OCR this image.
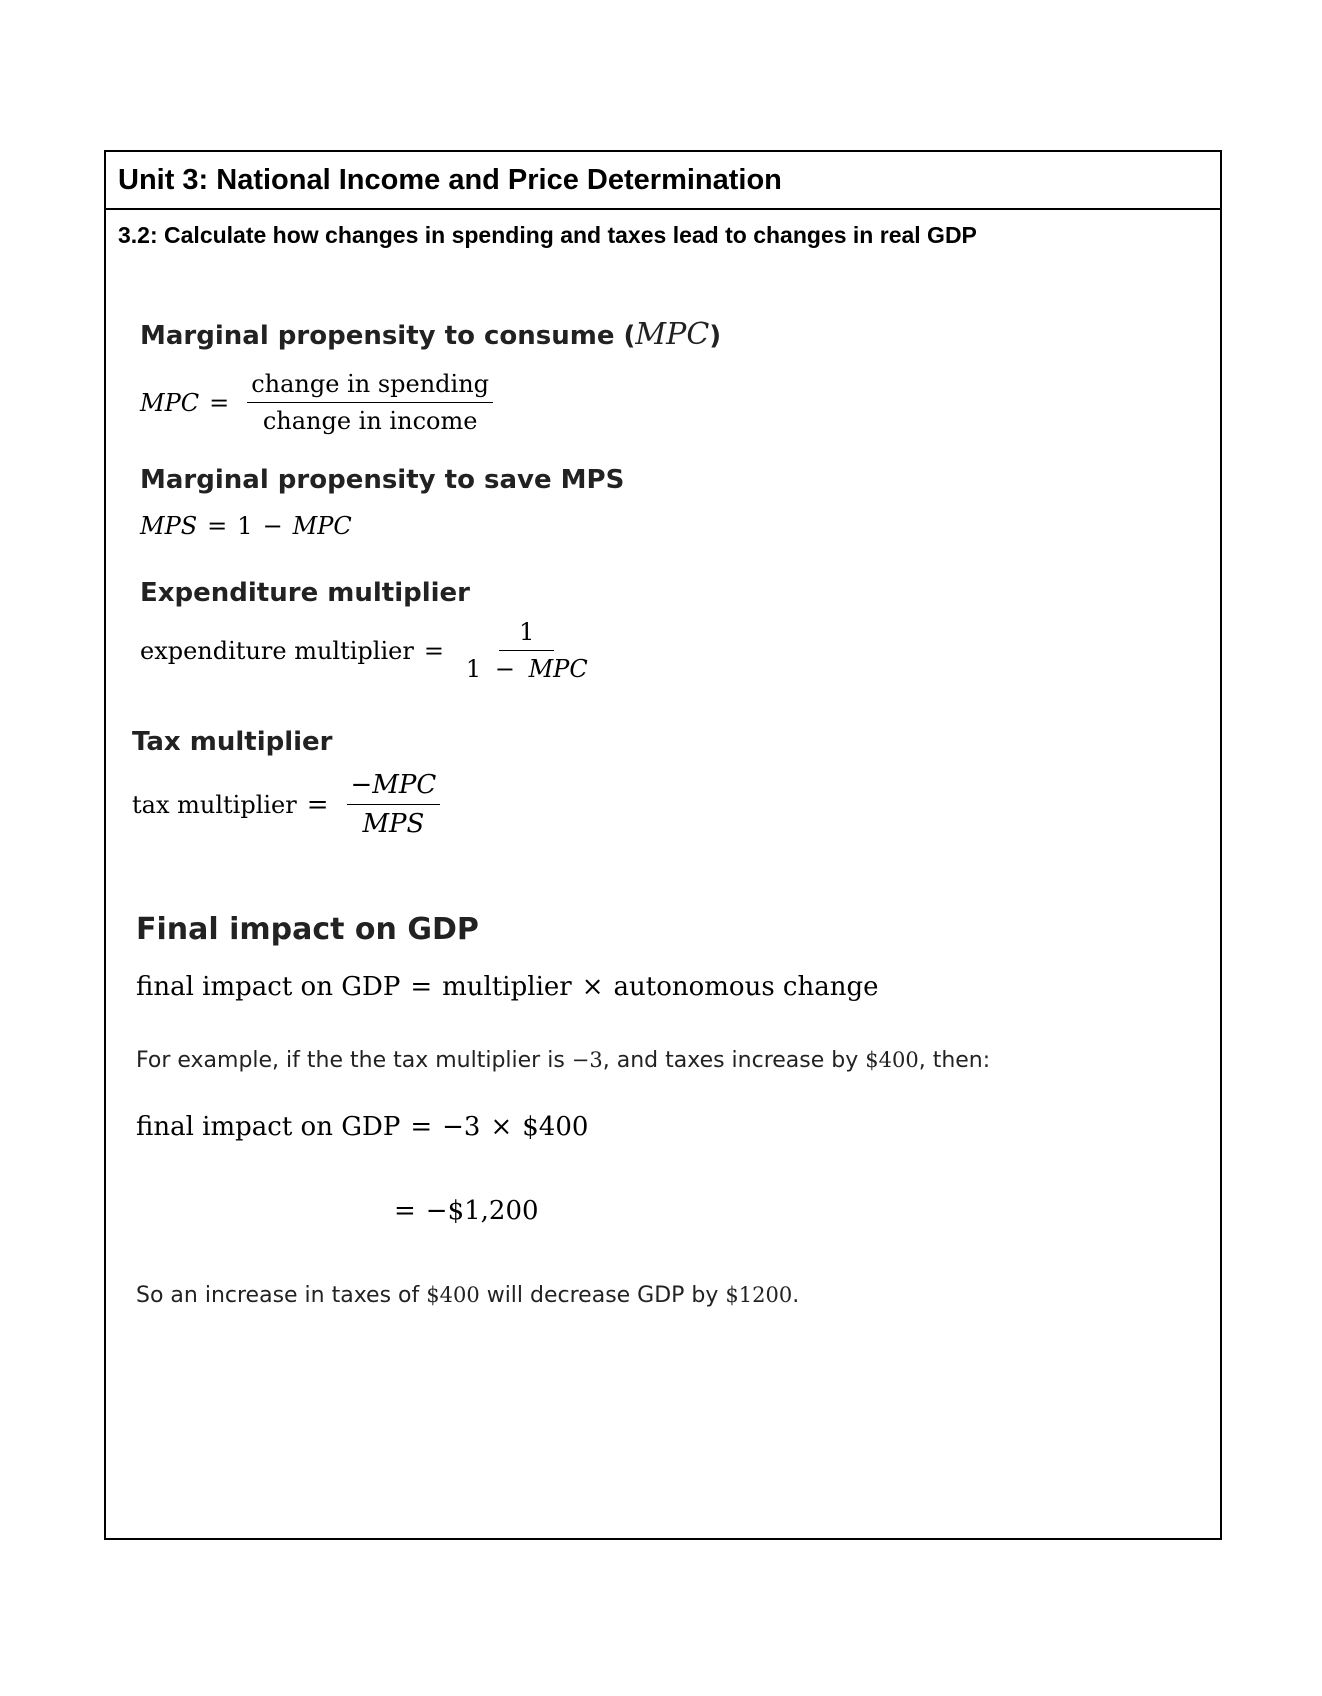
Unit 3: National Income and Price Determination
3.2: Calculate how changes in spending and taxes lead to changes in real GDP
Marginal propensity to consume (MPC)
MPC = $\frac{\text{change in spending}}{\text{change in income}}$
Marginal propensity to save MPS
MPS = 1 − MPC
Expenditure multiplier
expenditure multiplier = $\frac{1}{\text{1 − MPC}}$
Tax multiplier
tax multiplier = $\frac{\text{−MPC}}{\text{MPS}}$
Final impact on GDP
final impact on GDP = multiplier × autonomous change
For example, if the the tax multiplier is −3, and taxes increase by $400, then:
final impact on GDP = −3 × $400
= −$1,200
So an increase in taxes of $400 will decrease GDP by $1200.
